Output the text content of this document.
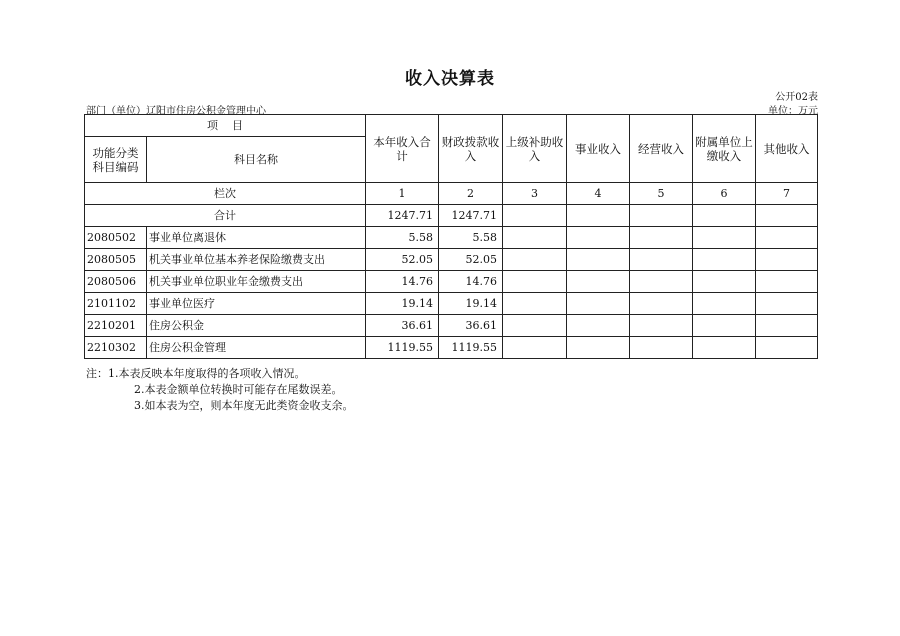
收入决算表
公开02表
部门（单位）辽阳市住房公积金管理中心	单位：万元
项    目		本年收入合计	财政拨款收入	上级补助收入	事业收入	经营收入	附属单位上缴收入	其他收入
功能分类科目编码	科目名称							
栏次		1	2	3	4	5	6	7
合计		1247.71	1247.71					
2080502	事业单位离退休	5.58	5.58					
2080505	机关事业单位基本养老保险缴费支出	52.05	52.05					
2080506	机关事业单位职业年金缴费支出	14.76	14.76					
2101102	事业单位医疗	19.14	19.14					
2210201	住房公积金	36.61	36.61					
2210302	住房公积金管理	1119.55	1119.55					
注：1.本表反映本年度取得的各项收入情况。
2.本表金额单位转换时可能存在尾数误差。
3.如本表为空，则本年度无此类资金收支余。
